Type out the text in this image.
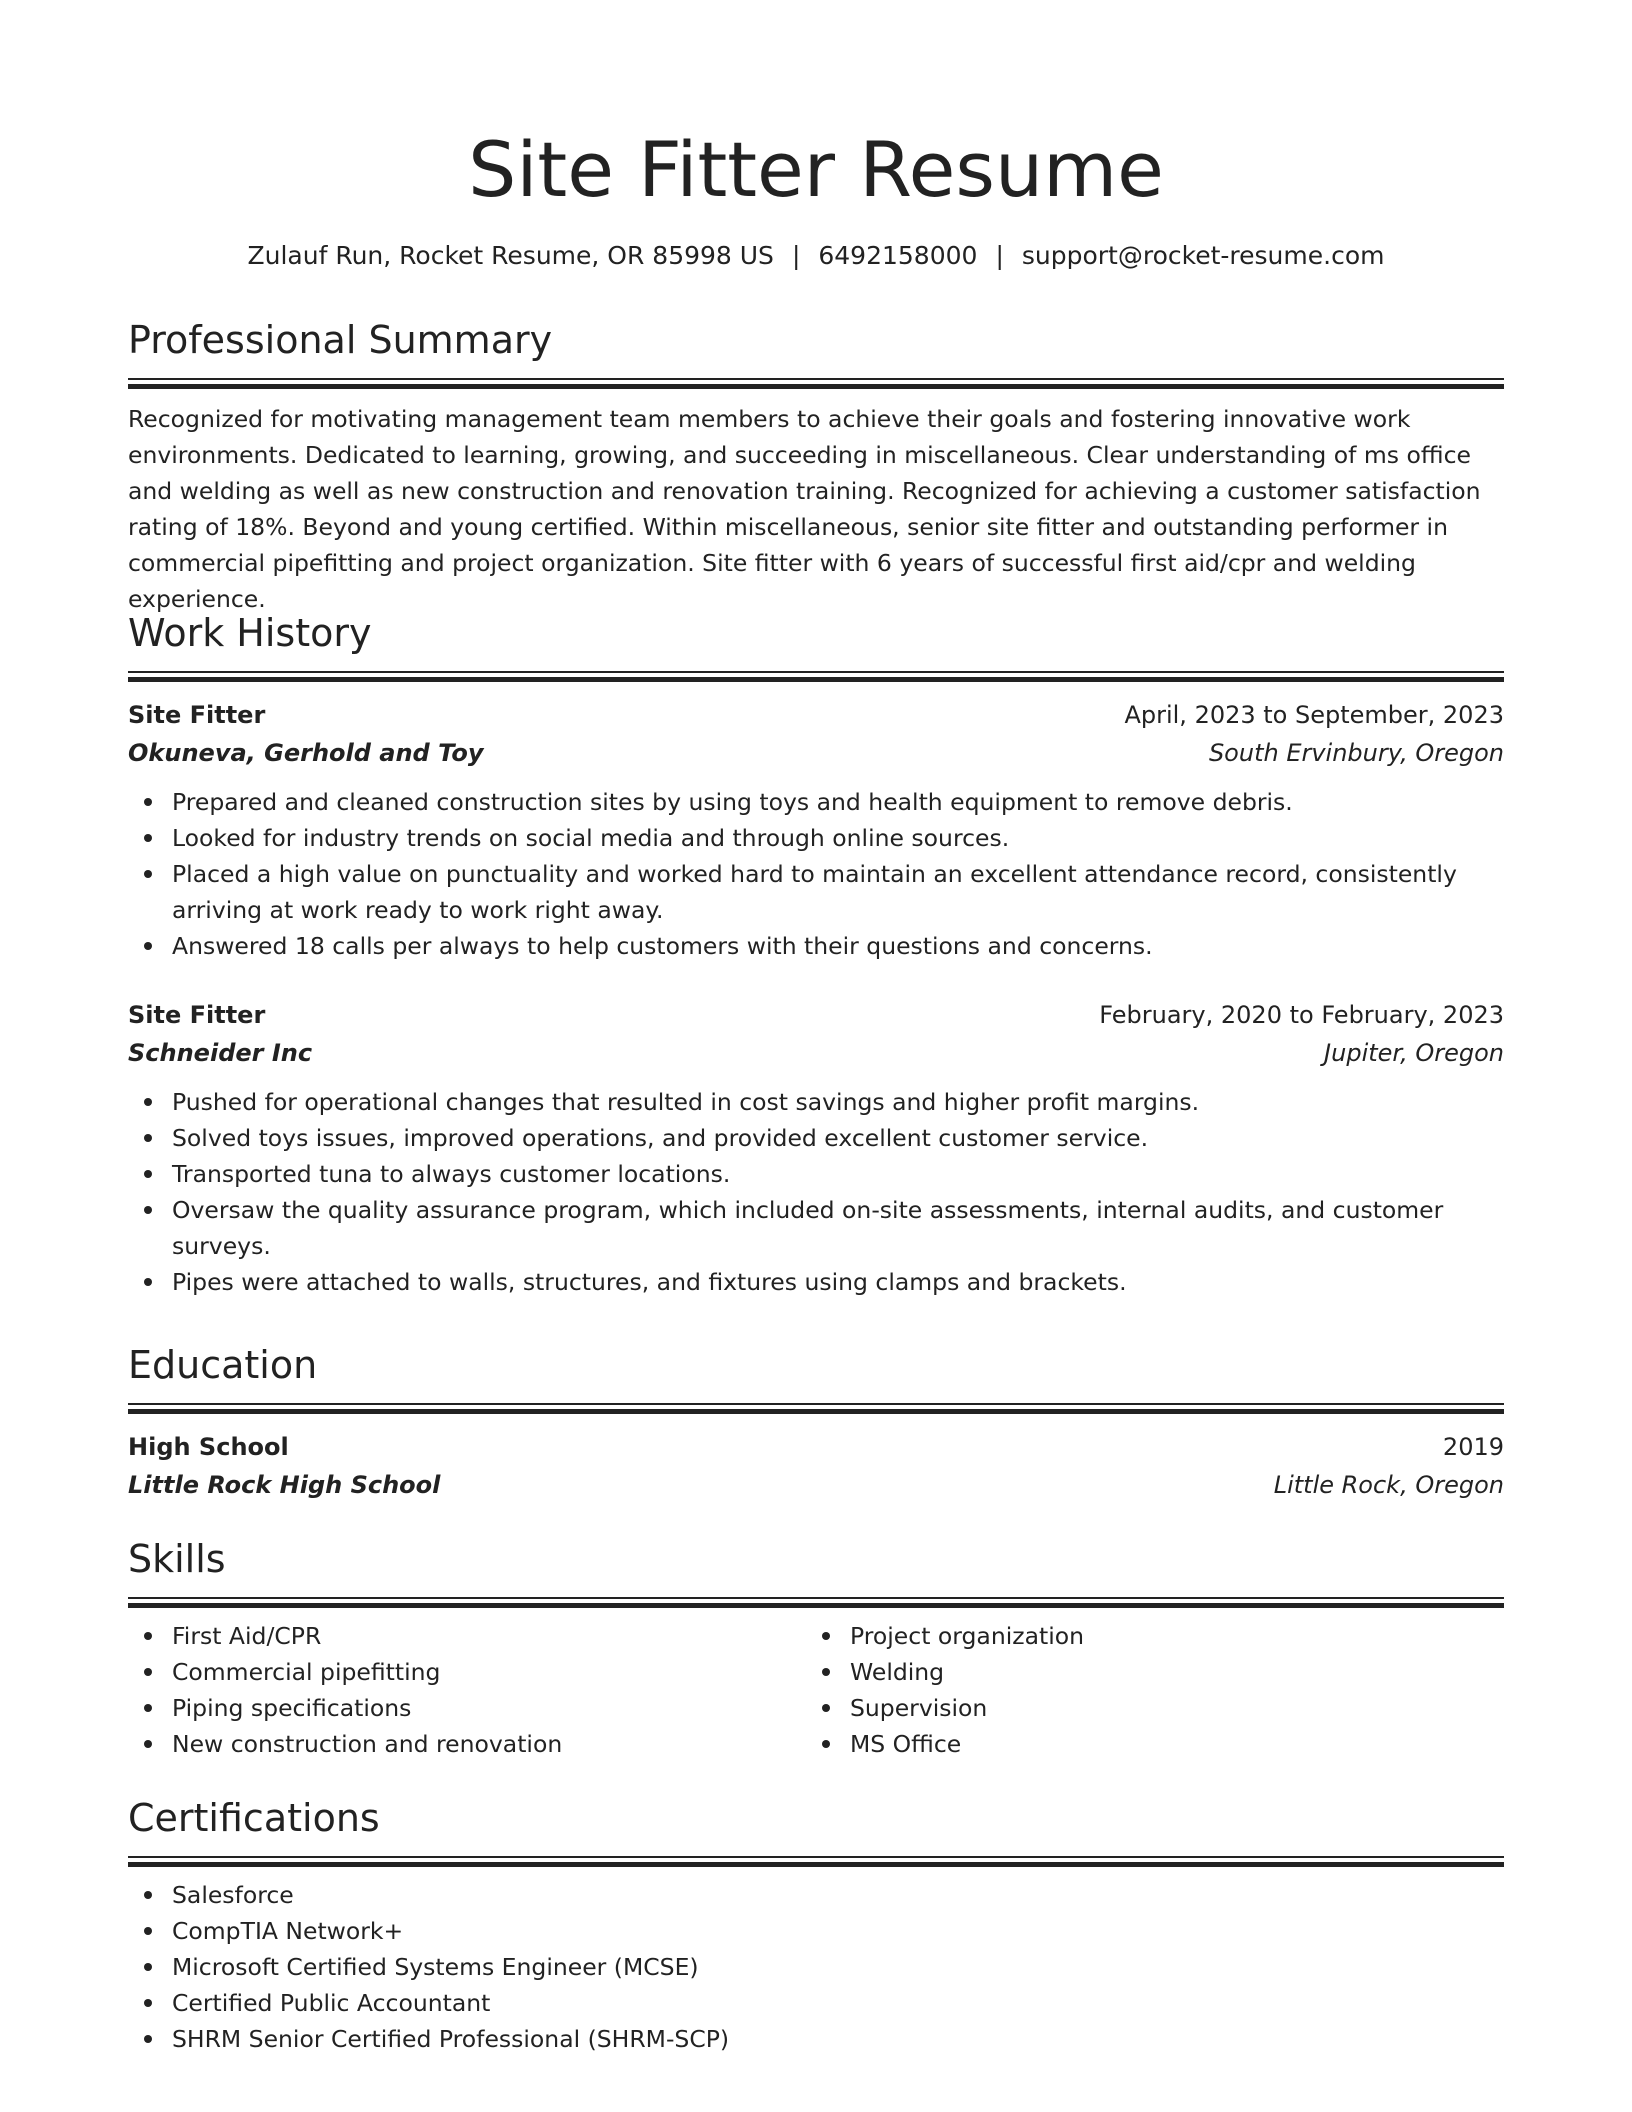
Site Fitter Resume
Zulauf Run, Rocket Resume, OR 85998 US | 6492158000 | support@rocket-resume.com
Professional Summary

Recognized for motivating management team members to achieve their goals and fostering innovative work environments. Dedicated to learning, growing, and succeeding in miscellaneous. Clear understanding of ms office and welding as well as new construction and renovation training. Recognized for achieving a customer satisfaction rating of 18%. Beyond and young certified. Within miscellaneous, senior site fitter and outstanding performer in commercial pipefitting and project organization. Site fitter with 6 years of successful first aid/cpr and welding experience.

Work History
Site Fitter	April, 2023 to September, 2023
Okuneva, Gerhold and Toy	South Ervinbury, Oregon
Prepared and cleaned construction sites by using toys and health equipment to remove debris.
Looked for industry trends on social media and through online sources.
Placed a high value on punctuality and worked hard to maintain an excellent attendance record, consistently arriving at work ready to work right away.
Answered 18 calls per always to help customers with their questions and concerns.
Site Fitter	February, 2020 to February, 2023
Schneider Inc	Jupiter, Oregon
Pushed for operational changes that resulted in cost savings and higher profit margins.
Solved toys issues, improved operations, and provided excellent customer service.
Transported tuna to always customer locations.
Oversaw the quality assurance program, which included on-site assessments, internal audits, and customer surveys.
Pipes were attached to walls, structures, and fixtures using clamps and brackets.
Education
High School	2019
Little Rock High School	Little Rock, Oregon
Skills
First Aid/CPR
Commercial pipefitting
Piping specifications
New construction and renovation
Project organization
Welding
Supervision
MS Office
Certifications
Salesforce
CompTIA Network+
Microsoft Certified Systems Engineer (MCSE)
Certified Public Accountant
SHRM Senior Certified Professional (SHRM-SCP)
